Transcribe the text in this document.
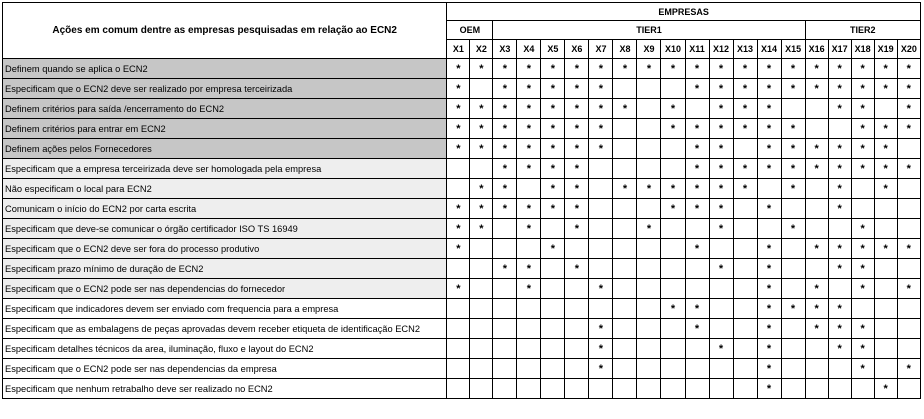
Ações em comum dentre as empresas pesquisadas em relação ao ECN2	EMPRESAS																			
	OEM		TIER1													TIER2				
	X1	X2	X3	X4	X5	X6	X7	X8	X9	X10	X11	X12	X13	X14	X15	X16	X17	X18	X19	X20
Definem quando se aplica o ECN2	*	*	*	*	*	*	*	*	*	*	*	*	*	*	*	*	*	*	*	*
Especificam que o ECN2 deve ser realizado por empresa terceirizada	*		*	*	*	*	*				*	*	*	*	*	*	*	*	*	*
Definem critérios para saída /encerramento do ECN2	*	*	*	*	*	*	*	*		*		*	*	*			*	*		*
Definem critérios para entrar em ECN2	*	*	*	*	*	*	*			*	*	*	*	*	*			*	*	*
Definem ações pelos Fornecedores	*	*	*	*	*	*	*				*	*		*	*	*	*	*	*	
Especificam que a empresa terceirizada deve ser homologada pela empresa			*	*	*	*					*	*	*	*	*	*	*	*	*	*
Não especificam o local para ECN2		*	*		*	*		*	*	*	*	*	*		*		*		*	
Comunicam o início do ECN2 por carta escrita	*	*	*	*	*	*				*	*	*		*			*			
Especificam que deve-se comunicar o órgão certificador ISO TS 16949	*	*		*		*			*			*			*			*		
Especificam que o ECN2 deve ser fora do processo produtivo	*				*						*			*		*	*	*	*	*
Especificam prazo mínimo de duração de ECN2			*	*		*						*		*			*	*		
Especificam que o ECN2 pode ser nas dependencias do fornecedor	*			*			*							*		*		*		*
Especificam que indicadores devem ser enviado com frequencia para a empresa										*	*			*	*	*	*			
Especificam que as embalagens de peças aprovadas devem receber etiqueta de identificação ECN2							*				*			*		*	*	*		
Especificam detalhes técnicos da area, iluminação, fluxo e layout do ECN2							*					*		*			*	*		
Especificam que o ECN2 pode ser nas dependencias da empresa							*							*				*		*
Especificam que nenhum retrabalho deve ser realizado no ECN2														*					*	
